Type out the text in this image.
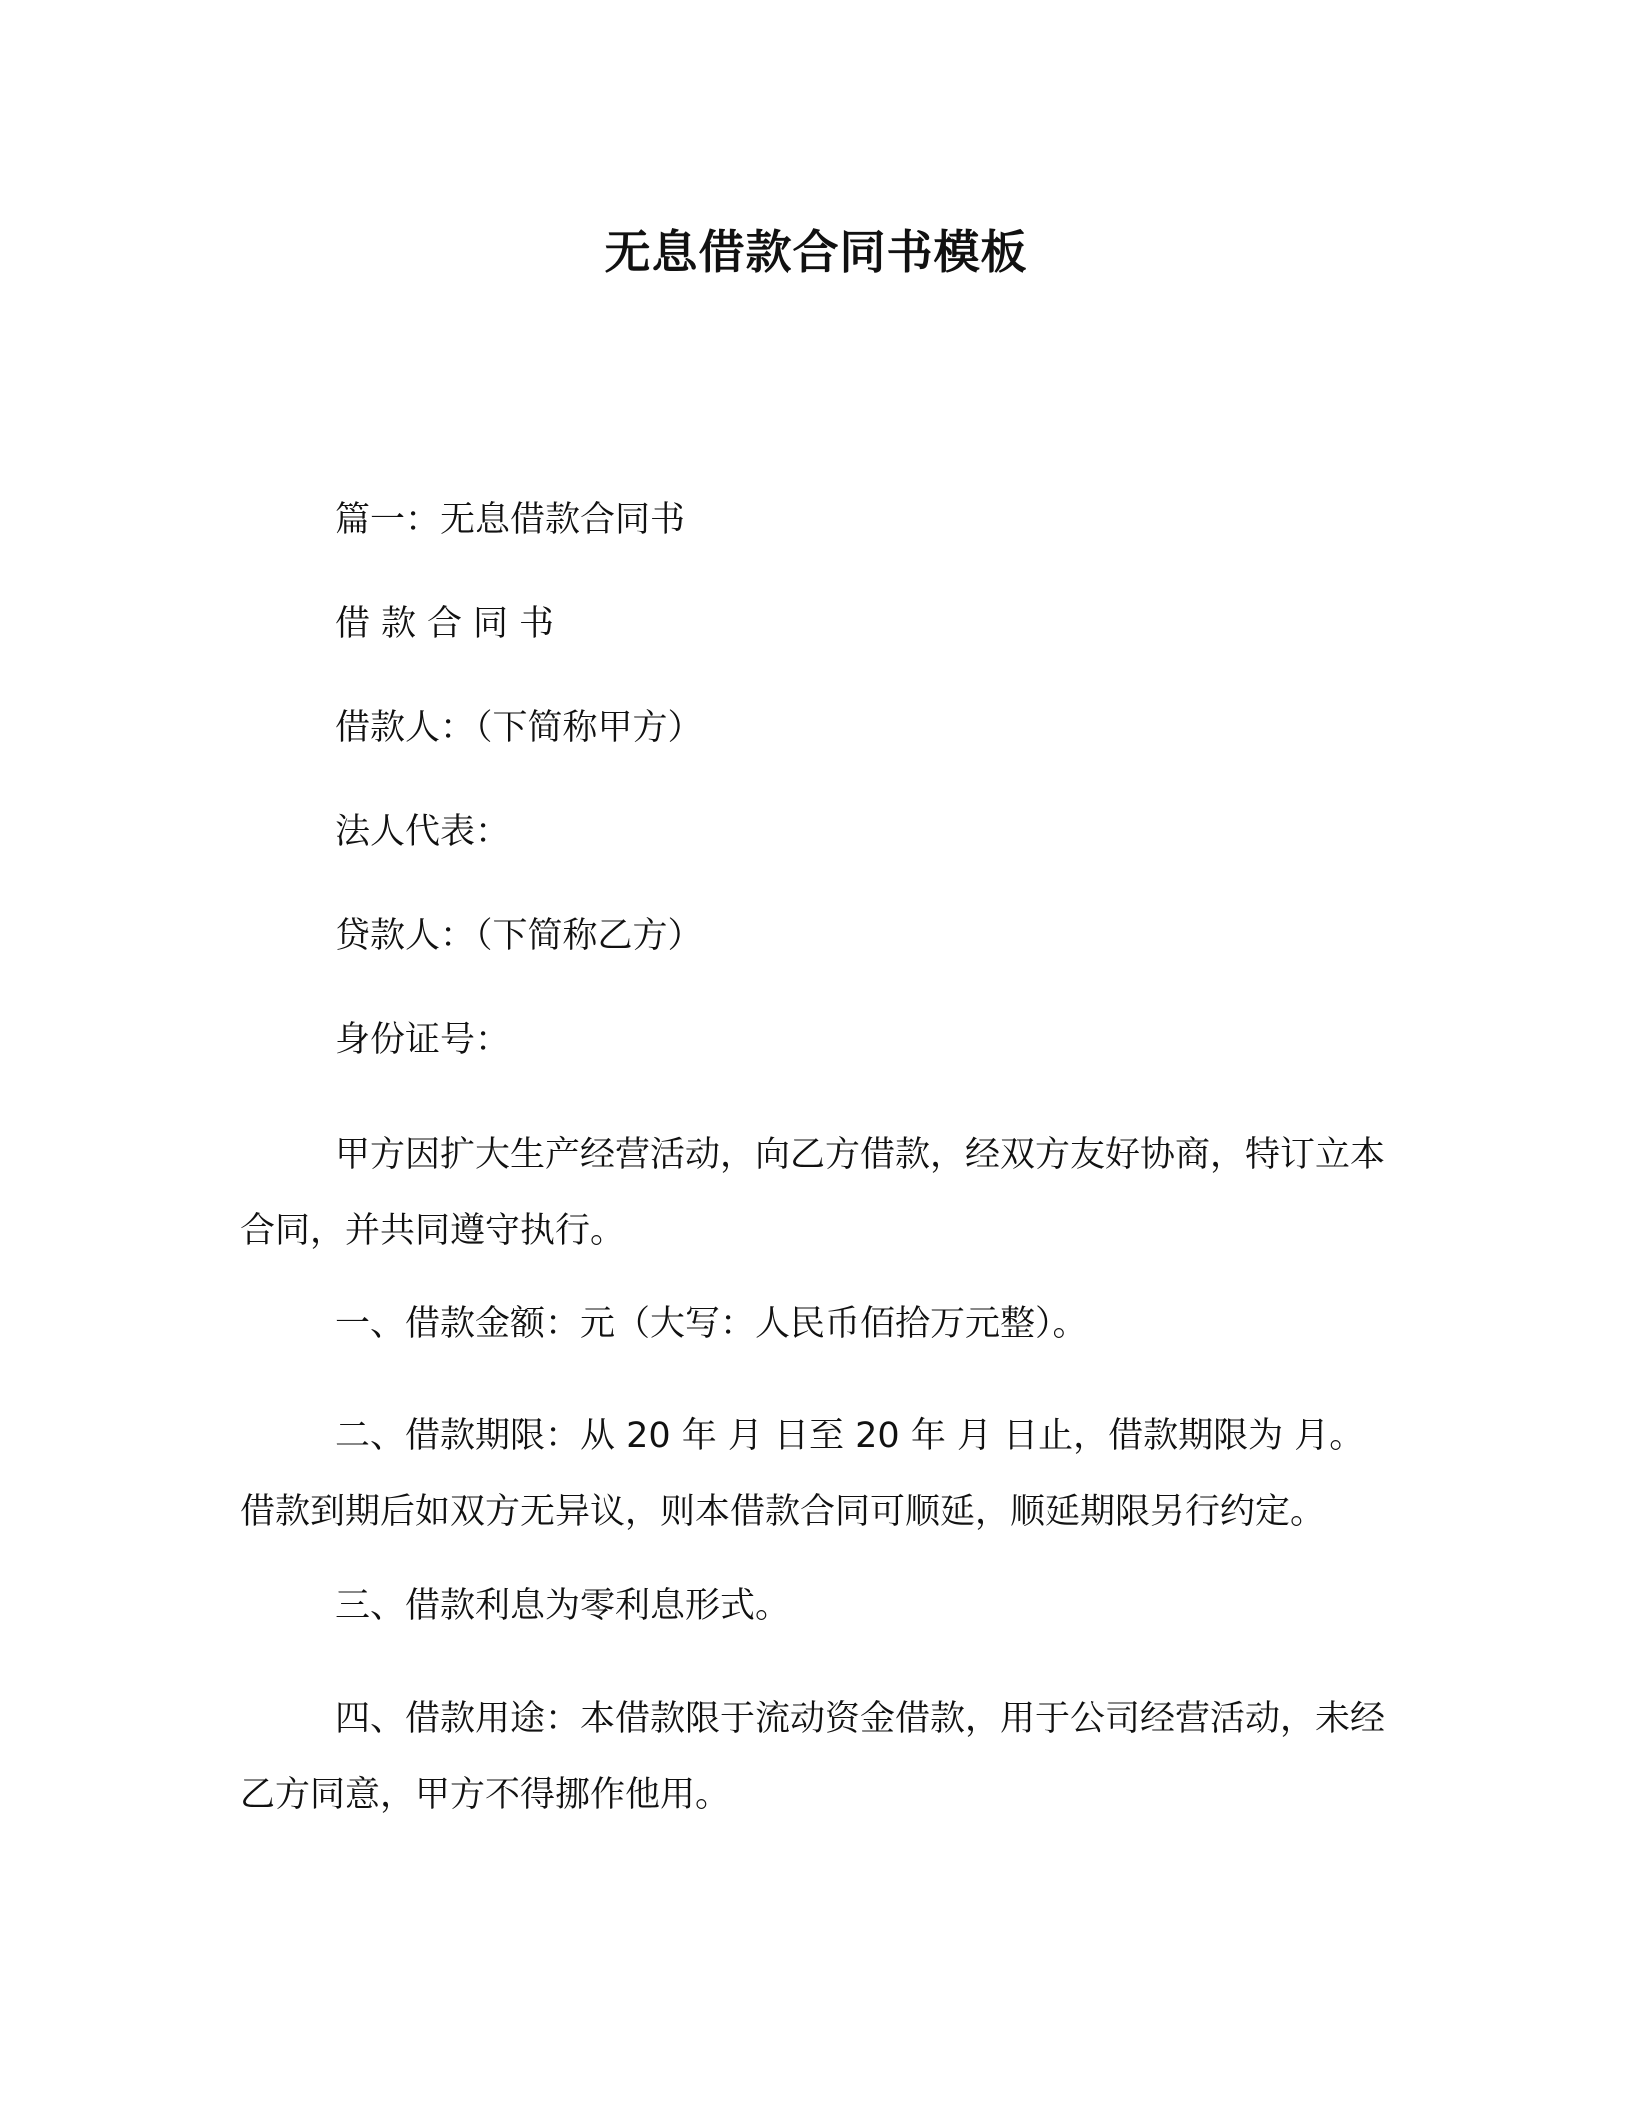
无息借款合同书模板

篇一：无息借款合同书

借款合同书

借款人：（下简称甲方）

法人代表：

贷款人：（下简称乙方）

身份证号：

甲方因扩大生产经营活动，向乙方借款，经双方友好协商，特订立本合同，并共同遵守执行。

一、借款金额：元（大写：人民币佰拾万元整）。

二、借款期限：从 20 年 月 日至 20 年 月 日止，借款期限为 月。借款到期后如双方无异议，则本借款合同可顺延，顺延期限另行约定。

三、借款利息为零利息形式。

四、借款用途：本借款限于流动资金借款，用于公司经营活动，未经乙方同意，甲方不得挪作他用。
